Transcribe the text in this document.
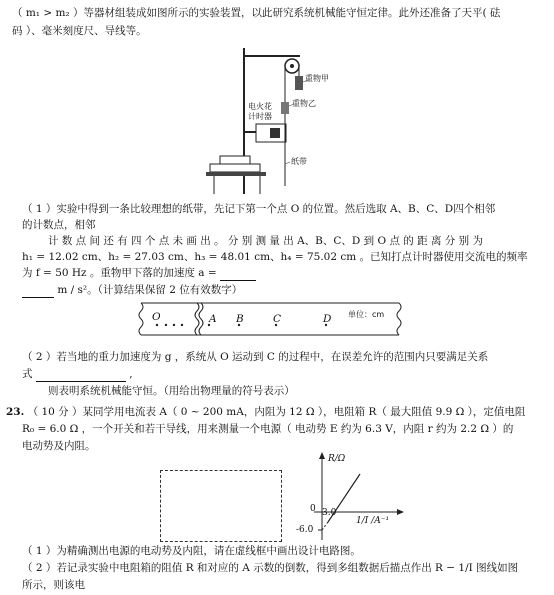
（ m₁ > m₂ ）等器材组装成如图所示的实验装置，以此研究系统机械能守恒定律。此外还准备了天平( 砝
码 ）、毫米刻度尺、导线等。
重物甲
重物乙
电火花
计时器
纸带
（ 1 ）实验中得到一条比较理想的纸带，先记下第一个点 O 的位置。然后选取 A、B、C、D四个相邻
的计数点，相邻
计 数 点 间 还 有 四 个 点 未 画 出 。 分 别 测 量 出 A、B、C、D 到 O 点 的 距 离 分 别 为
h₁ = 12.02 cm、h₂ = 27.03 cm、h₃ = 48.01 cm、h₄ = 75.02 cm 。已知打点计时器使用交流电的频率
为 f = 50 Hz 。重物甲下落的加速度 a =
m / s²。（计算结果保留 2 位有效数字）
O	A B	C	D 单位：cm
（ 2 ）若当地的重力加速度为 g ，系统从 O 运动到 C 的过程中，在误差允许的范围内只要满足关系
式	,
则表明系统机械能守恒。（用给出物理量的符号表示）
23. （ 10 分 ）某同学用电流表 A（ 0 ~ 200 mA，内阻为 12 Ω ），电阻箱 R（ 最大阻值 9.9 Ω ），定值电阻
R₀ = 6.0 Ω ，一个开关和若干导线，用来测量一个电源（ 电动势 E 约为 6.3 V，内阻 r 约为 2.2 Ω ）的
电动势及内阻。
R/Ω
1/I /A⁻¹
0 3.0
-6.0
（ 1 ）为精确测出电源的电动势及内阻，请在虚线框中画出设计电路图。
（ 2 ）若记录实验中电阻箱的阻值 R 和对应的 A 示数的倒数，得到多组数据后描点作出 R − 1/I 图线如图
所示，则该电
